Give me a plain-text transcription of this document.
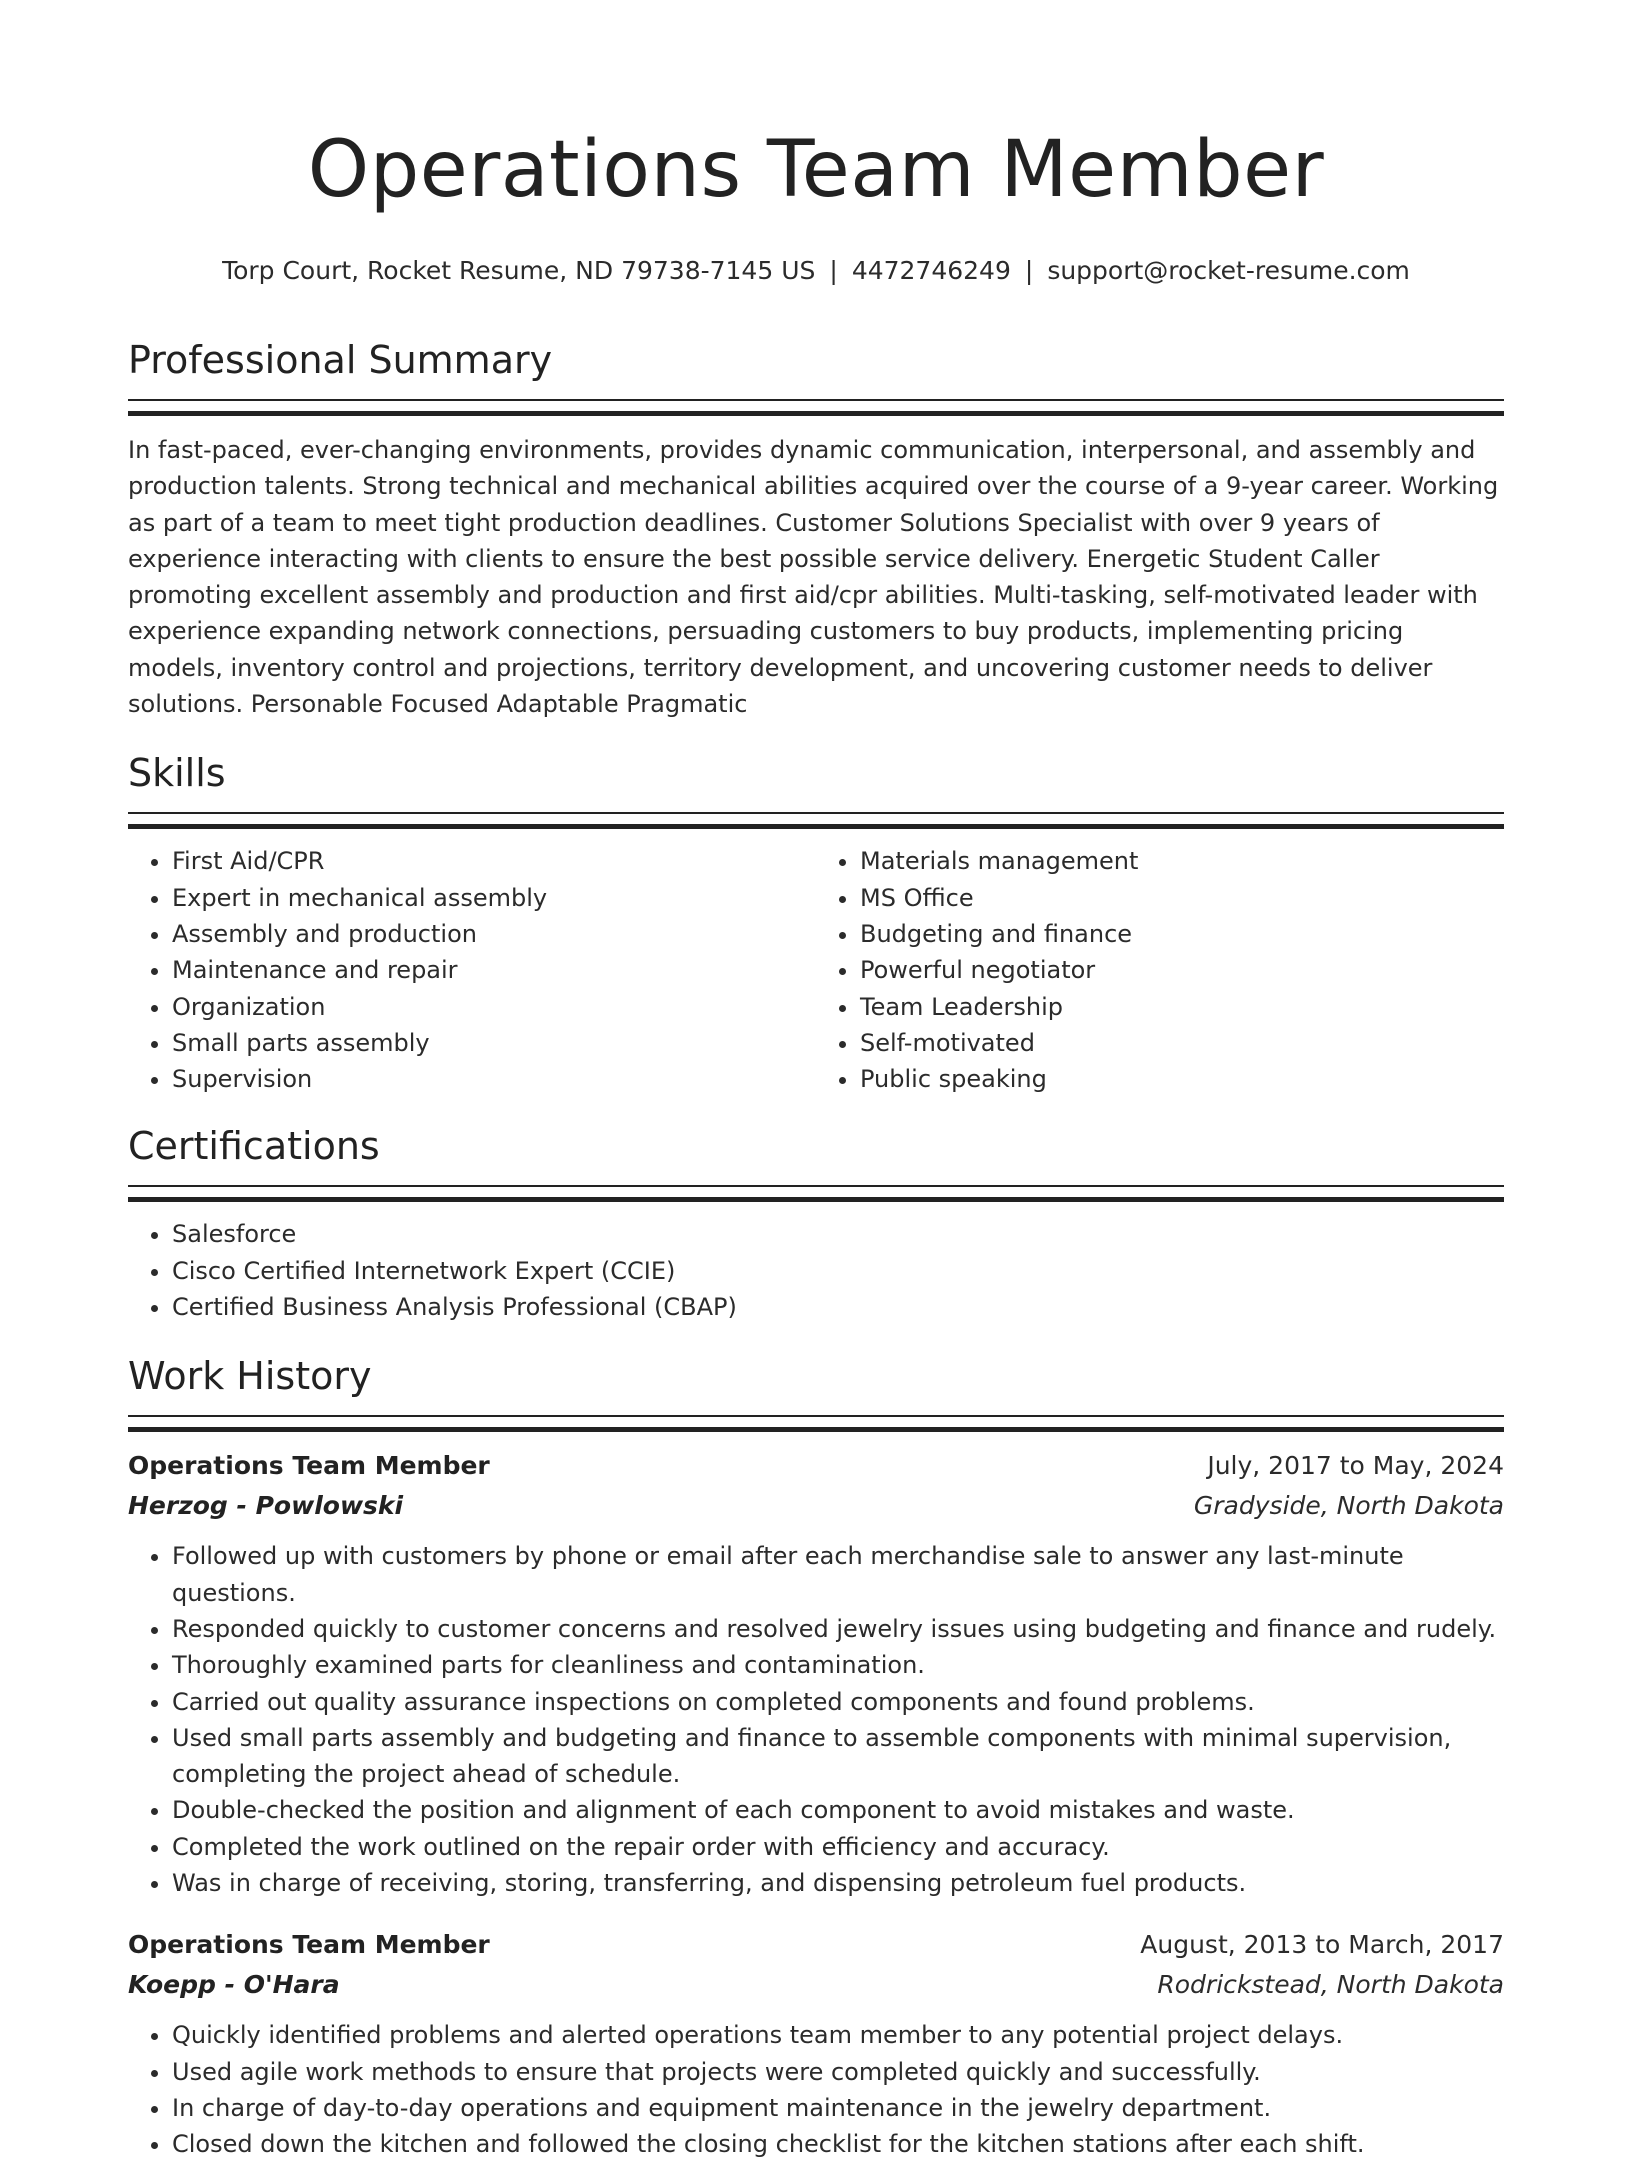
Operations Team Member
Torp Court, Rocket Resume, ND 79738-7145 US | 4472746249 | support@rocket-resume.com
Professional Summary

In fast-paced, ever-changing environments, provides dynamic communication, interpersonal, and assembly and production talents. Strong technical and mechanical abilities acquired over the course of a 9-year career. Working as part of a team to meet tight production deadlines. Customer Solutions Specialist with over 9 years of experience interacting with clients to ensure the best possible service delivery. Energetic Student Caller promoting excellent assembly and production and first aid/cpr abilities. Multi-tasking, self-motivated leader with experience expanding network connections, persuading customers to buy products, implementing pricing models, inventory control and projections, territory development, and uncovering customer needs to deliver solutions. Personable Focused Adaptable Pragmatic

Skills
• First Aid/CPR
• Expert in mechanical assembly
• Assembly and production
• Maintenance and repair
• Organization
• Small parts assembly
• Supervision
• Materials management
• MS Office
• Budgeting and finance
• Powerful negotiator
• Team Leadership
• Self-motivated
• Public speaking
Certifications
• Salesforce
• Cisco Certified Internetwork Expert (CCIE)
• Certified Business Analysis Professional (CBAP)
Work History
Operations Team Member	July, 2017 to May, 2024
Herzog - Powlowski	Gradyside, North Dakota
• Followed up with customers by phone or email after each merchandise sale to answer any last-minute questions.
• Responded quickly to customer concerns and resolved jewelry issues using budgeting and finance and rudely.
• Thoroughly examined parts for cleanliness and contamination.
• Carried out quality assurance inspections on completed components and found problems.
• Used small parts assembly and budgeting and finance to assemble components with minimal supervision, completing the project ahead of schedule.
• Double-checked the position and alignment of each component to avoid mistakes and waste.
• Completed the work outlined on the repair order with efficiency and accuracy.
• Was in charge of receiving, storing, transferring, and dispensing petroleum fuel products.
Operations Team Member	August, 2013 to March, 2017
Koepp - O'Hara	Rodrickstead, North Dakota
• Quickly identified problems and alerted operations team member to any potential project delays.
• Used agile work methods to ensure that projects were completed quickly and successfully.
• In charge of day-to-day operations and equipment maintenance in the jewelry department.
• Closed down the kitchen and followed the closing checklist for the kitchen stations after each shift.
